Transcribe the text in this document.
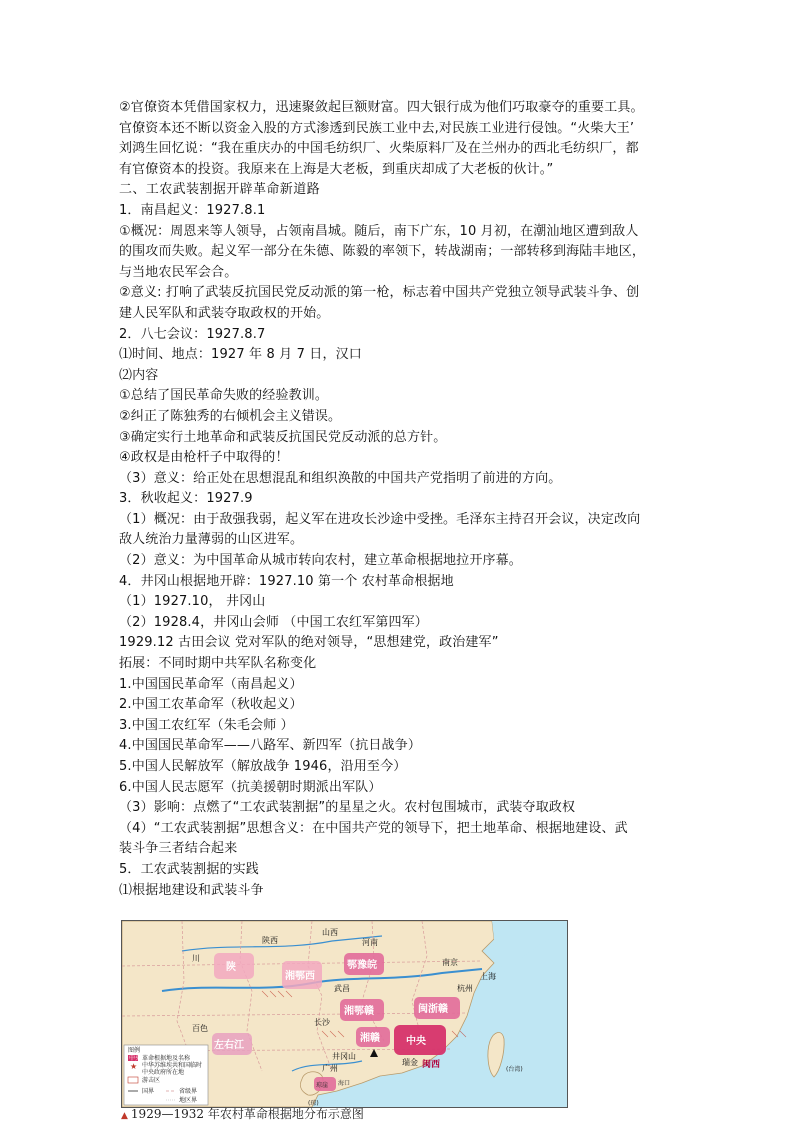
②官僚资本凭借国家权力，迅速聚敛起巨额财富。四大银行成为他们巧取豪夺的重要工具。
官僚资本还不断以资金入股的方式渗透到民族工业中去,对民族工业进行侵蚀。“火柴大王’
刘鸿生回忆说：“我在重庆办的中国毛纺织厂、火柴原料厂及在兰州办的西北毛纺织厂，都
有官僚资本的投资。我原来在上海是大老板，到重庆却成了大老板的伙计。”
二、工农武装割据开辟革命新道路
1．南昌起义：1927.8.1
①概况：周恩来等人领导，占领南昌城。随后，南下广东，10 月初，在潮汕地区遭到敌人
的围攻而失败。起义军一部分在朱德、陈毅的率领下，转战湖南；一部转移到海陆丰地区，
与当地农民军会合。
②意义: 打响了武装反抗国民党反动派的第一枪，标志着中国共产党独立领导武装斗争、创
建人民军队和武装夺取政权的开始。
2．八七会议：1927.8.7
⑴时间、地点：1927 年 8 月 7 日，汉口
⑵内容
①总结了国民革命失败的经验教训。
②纠正了陈独秀的右倾机会主义错误。
③确定实行土地革命和武装反抗国民党反动派的总方针。
④政权是由枪杆子中取得的！
（3）意义：给正处在思想混乱和组织涣散的中国共产党指明了前进的方向。
3．秋收起义：1927.9
（1）概况：由于敌强我弱，起义军在进攻长沙途中受挫。毛泽东主持召开会议，决定改向
敌人统治力量薄弱的山区进军。
（2）意义：为中国革命从城市转向农村，建立革命根据地拉开序幕。
4．井冈山根据地开辟：1927.10 第一个 农村革命根据地
（1）1927.10， 井冈山
（2）1928.4，井冈山会师 （中国工农红军第四军）
1929.12 古田会议 党对军队的绝对领导，“思想建党，政治建军”
拓展：不同时期中共军队名称变化
1.中国国民革命军（南昌起义）
2.中国工农革命军（秋收起义）
3.中国工农红军（朱毛会师 ）
4.中国国民革命军——八路军、新四军（抗日战争）
5.中国人民解放军（解放战争 1946，沿用至今）
6.中国人民志愿军（抗美援朝时期派出军队）
（3）影响：点燃了“工农武装割据”的星星之火。农村包围城市，武装夺取政权
（4）“工农武装割据”思想含义：在中国共产党的领导下，把土地革命、根据地建设、武
装斗争三者结合起来
5．工农武装割据的实践
⑴根据地建设和武装斗争
陕西
山西
河南
川
陕
湘鄂西
鄂豫皖	南京
上海
杭州
武昌
湘鄂赣	闽浙赣
长沙
湘赣
井冈山
中央
瑞金 闽西
左右江
百色
广州
琼崖 海口
(琼)
(台湾)
图例
中央 革命根据地及名称
★ 中华苏维埃共和国临时
中央政府所在地
游击区
国界	省级界
地区界
▲ 1929—1932 年农村革命根据地分布示意图
